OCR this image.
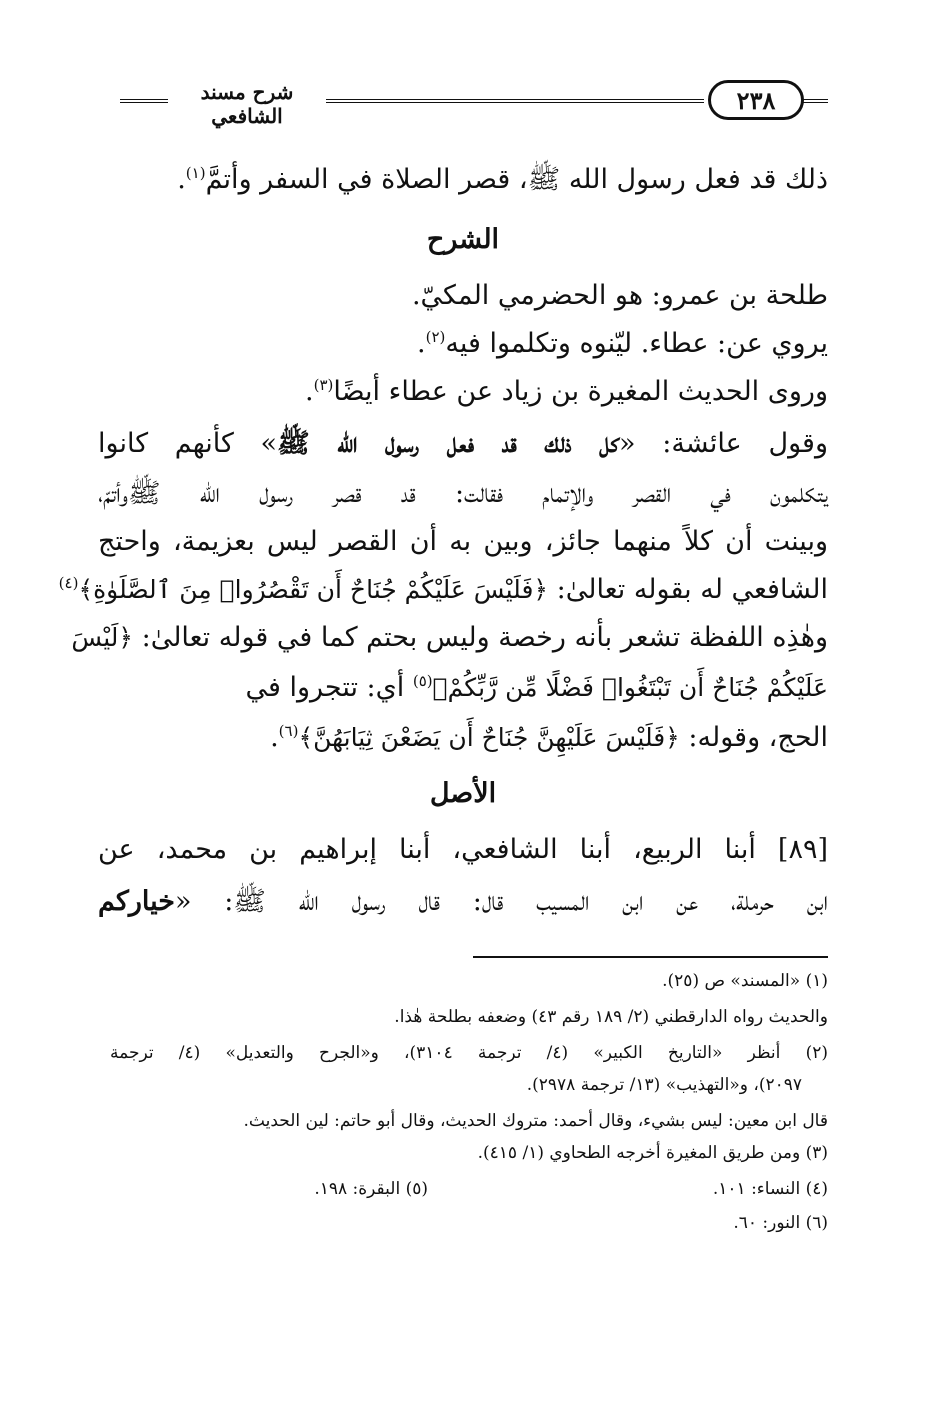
شرح مسند الشافعي
٢٣٨
ذلك قد فعل رسول الله ﷺ، قصر الصلاة في السفر وأتمَّ$^{(١)}$.
الشرح
طلحة بن عمرو: هو الحضرمي المكيّ.
يروي عن: عطاء. ليّنوه وتكلموا فيه$^{(٢)}$.
وروى الحديث المغيرة بن زياد عن عطاء أيضًا$^{(٣)}$.
وقول عائشة: «كل ذلك قد فعل رسول الله ﷺ» كأنهم كانوا
يتكلمون في القصر والإتمام فقالت: قد قصر رسول الله ﷺوأتمّ،
وبينت أن كلاً منهما جائز، وبين به أن القصر ليس بعزيمة، واحتج
الشافعي له بقوله تعالىٰ: ﴿فَلَيْسَ عَلَيْكُمْ جُنَاحٌ أَن تَقْصُرُوا۟ مِنَ ٱلصَّلَوٰةِ﴾$^{(٤)}$
وهٰذِه اللفظة تشعر بأنه رخصة وليس بحتم كما في قوله تعالىٰ: ﴿لَيْسَ
عَلَيْكُمْ جُنَاحٌ أَن تَبْتَغُوا۟ فَضْلًا مِّن رَّبِّكُمْ﴾$^{(٥)}$ أي: تتجروا في
الحج، وقوله: ﴿فَلَيْسَ عَلَيْهِنَّ جُنَاحٌ أَن يَضَعْنَ ثِيَابَهُنَّ﴾$^{(٦)}$.
الأصل
[٨٩] أبنا الربيع، أبنا الشافعي، أبنا إبراهيم بن محمد، عن
ابن حرملة، عن ابن المسيب قال: قال رسول الله ﷺ: «خياركم
(١) «المسند» ص (٢٥).
والحديث رواه الدارقطني (٢/ ١٨٩ رقم ٤٣) وضعفه بطلحة هٰذا.
(٢) أنظر «التاريخ الكبير» (٤/ ترجمة ٣١٠٤)، و«الجرح والتعديل» (٤/ ترجمة
٢٠٩٧)، و«التهذيب» (١٣/ ترجمة ٢٩٧٨).
قال ابن معين: ليس بشيء، وقال أحمد: متروك الحديث، وقال أبو حاتم: لين الحديث.
(٣) ومن طريق المغيرة أخرجه الطحاوي (١/ ٤١٥).
(٤) النساء: ١٠١.
(٥) البقرة: ١٩٨.
(٦) النور: ٦٠.
